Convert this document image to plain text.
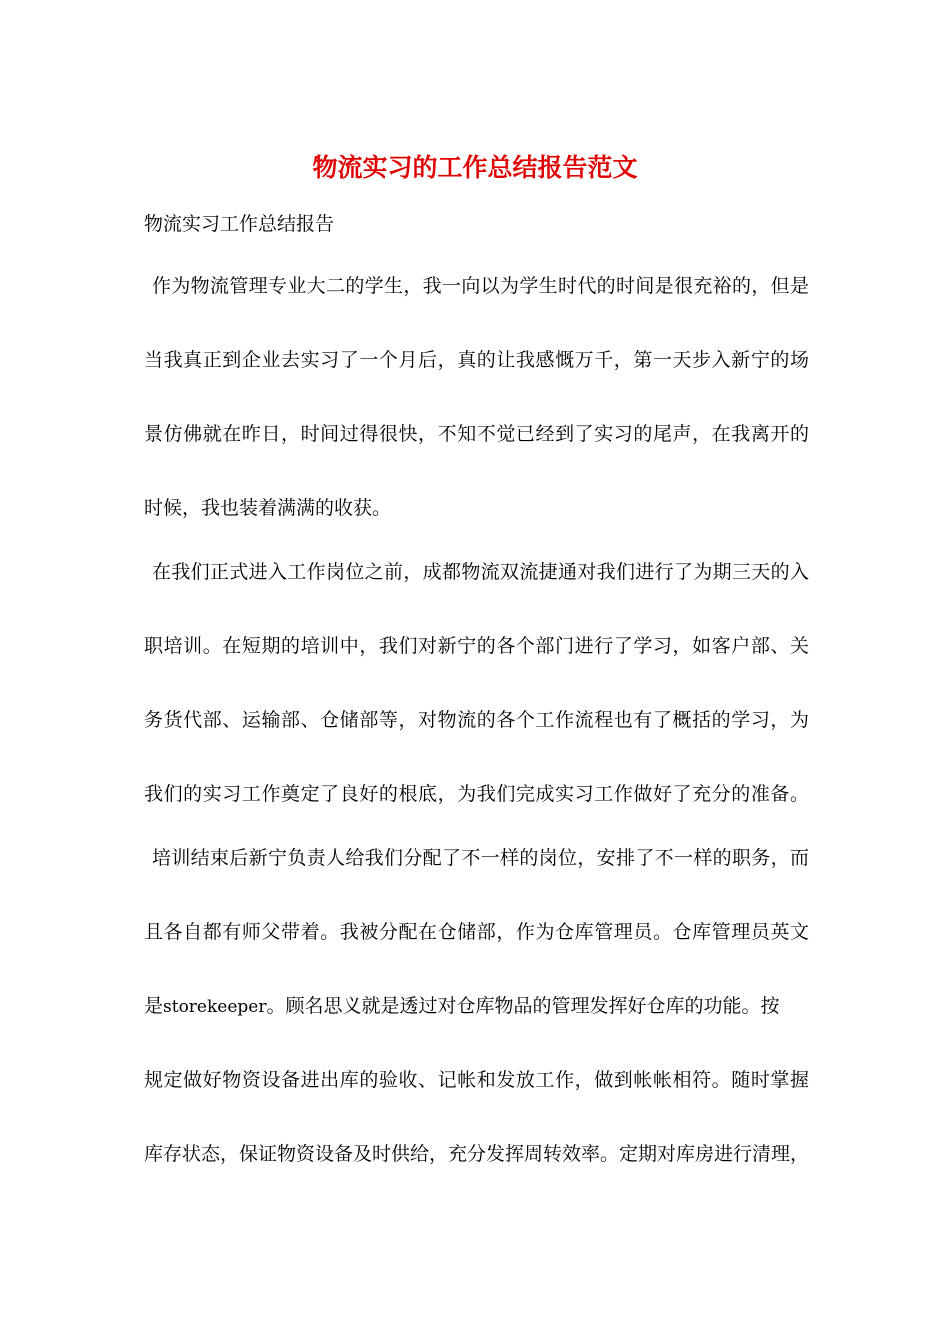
物流实习的工作总结报告范文

物流实习工作总结报告

作为物流管理专业大二的学生，我一向以为学生时代的时间是很充裕的，但是

当我真正到企业去实习了一个月后，真的让我感慨万千，第一天步入新宁的场

景仿佛就在昨日，时间过得很快，不知不觉已经到了实习的尾声，在我离开的

时候，我也装着满满的收获。

在我们正式进入工作岗位之前，成都物流双流捷通对我们进行了为期三天的入

职培训。在短期的培训中，我们对新宁的各个部门进行了学习，如客户部、关

务货代部、运输部、仓储部等，对物流的各个工作流程也有了概括的学习，为

我们的实习工作奠定了良好的根底，为我们完成实习工作做好了充分的准备。

培训结束后新宁负责人给我们分配了不一样的岗位，安排了不一样的职务，而

且各自都有师父带着。我被分配在仓储部，作为仓库管理员。仓库管理员英文

是storekeeper。顾名思义就是透过对仓库物品的管理发挥好仓库的功能。按

规定做好物资设备进出库的验收、记帐和发放工作，做到帐帐相符。随时掌握

库存状态，保证物资设备及时供给，充分发挥周转效率。定期对库房进行清理，
